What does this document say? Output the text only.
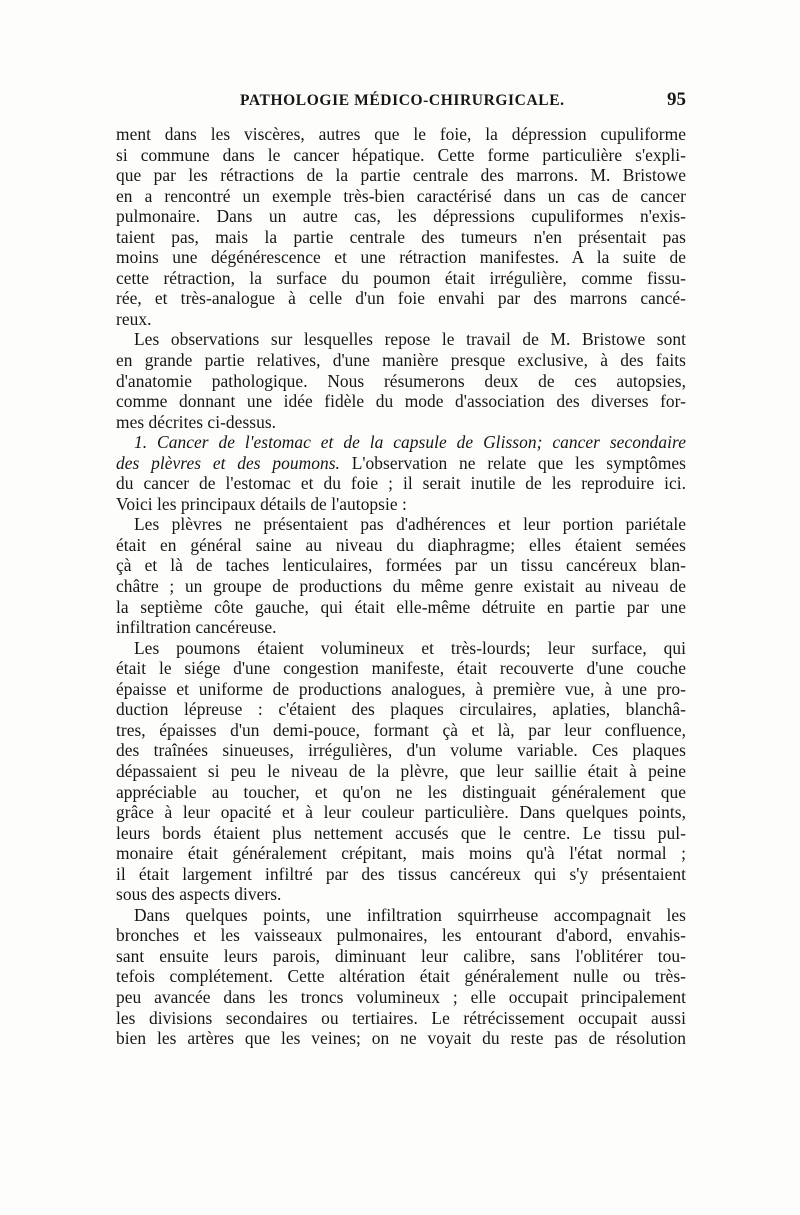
PATHOLOGIE MÉDICO-CHIRURGICALE.	95
ment dans les viscères, autres que le foie, la dépression cupuliforme
si commune dans le cancer hépatique. Cette forme particulière s'expli-
que par les rétractions de la partie centrale des marrons. M. Bristowe
en a rencontré un exemple très-bien caractérisé dans un cas de cancer
pulmonaire. Dans un autre cas, les dépressions cupuliformes n'exis-
taient pas, mais la partie centrale des tumeurs n'en présentait pas
moins une dégénérescence et une rétraction manifestes. A la suite de
cette rétraction, la surface du poumon était irrégulière, comme fissu-
rée, et très-analogue à celle d'un foie envahi par des marrons cancé-
reux.
Les observations sur lesquelles repose le travail de M. Bristowe sont
en grande partie relatives, d'une manière presque exclusive, à des faits
d'anatomie pathologique. Nous résumerons deux de ces autopsies,
comme donnant une idée fidèle du mode d'association des diverses for-
mes décrites ci-dessus.
1. Cancer de l'estomac et de la capsule de Glisson; cancer secondaire
des plèvres et des poumons. L'observation ne relate que les symptômes
du cancer de l'estomac et du foie ; il serait inutile de les reproduire ici.
Voici les principaux détails de l'autopsie :
Les plèvres ne présentaient pas d'adhérences et leur portion pariétale
était en général saine au niveau du diaphragme; elles étaient semées
çà et là de taches lenticulaires, formées par un tissu cancéreux blan-
châtre ; un groupe de productions du même genre existait au niveau de
la septième côte gauche, qui était elle-même détruite en partie par une
infiltration cancéreuse.
Les poumons étaient volumineux et très-lourds; leur surface, qui
était le siége d'une congestion manifeste, était recouverte d'une couche
épaisse et uniforme de productions analogues, à première vue, à une pro-
duction lépreuse : c'étaient des plaques circulaires, aplaties, blanchâ-
tres, épaisses d'un demi-pouce, formant çà et là, par leur confluence,
des traînées sinueuses, irrégulières, d'un volume variable. Ces plaques
dépassaient si peu le niveau de la plèvre, que leur saillie était à peine
appréciable au toucher, et qu'on ne les distinguait généralement que
grâce à leur opacité et à leur couleur particulière. Dans quelques points,
leurs bords étaient plus nettement accusés que le centre. Le tissu pul-
monaire était généralement crépitant, mais moins qu'à l'état normal ;
il était largement infiltré par des tissus cancéreux qui s'y présentaient
sous des aspects divers.
Dans quelques points, une infiltration squirrheuse accompagnait les
bronches et les vaisseaux pulmonaires, les entourant d'abord, envahis-
sant ensuite leurs parois, diminuant leur calibre, sans l'oblitérer tou-
tefois complétement. Cette altération était généralement nulle ou très-
peu avancée dans les troncs volumineux ; elle occupait principalement
les divisions secondaires ou tertiaires. Le rétrécissement occupait aussi
bien les artères que les veines; on ne voyait du reste pas de résolution
